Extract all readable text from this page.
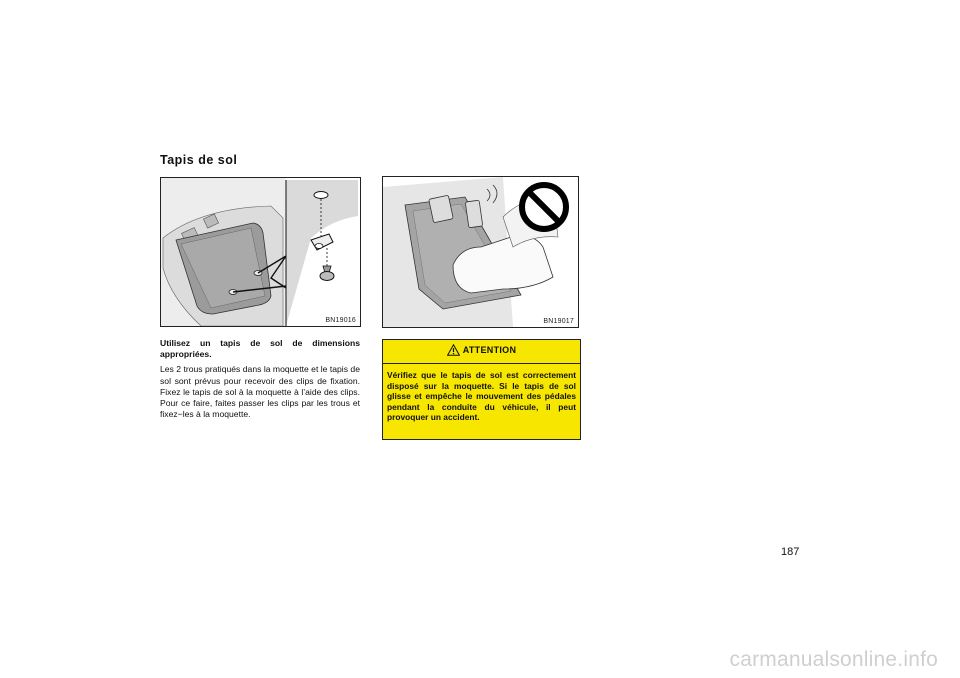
Tapis de sol
BN19016	BN19017

Utilisez un tapis de sol de dimensions appropriées.

Les 2 trous pratiqués dans la moquette et le tapis de sol sont prévus pour recevoir des clips de fixation. Fixez le tapis de sol à la moquette à l’aide des clips. Pour ce faire, faites passer les clips par les trous et fixez−les à la moquette.

ATTENTION
Vérifiez que le tapis de sol est correctement disposé sur la moquette. Si le tapis de sol glisse et empêche le mouvement des pédales pendant la conduite du véhicule, il peut provoquer un accident.
187
carmanualsonline.info
